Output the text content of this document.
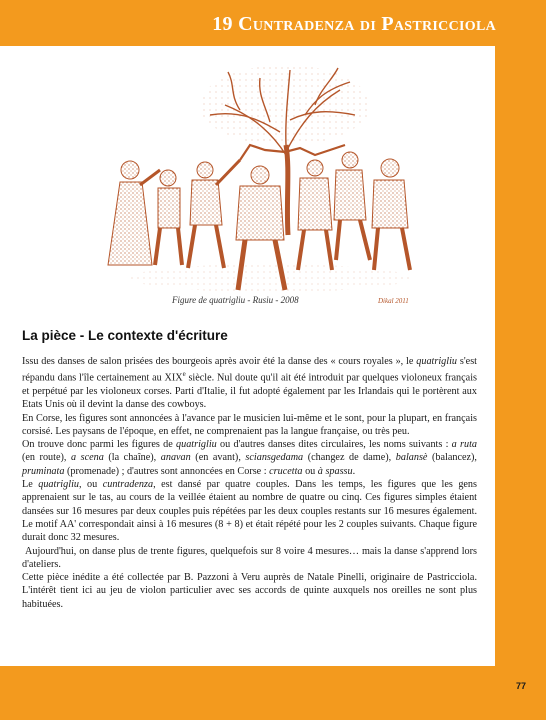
19 Cuntradenza di Pastricciola
Dikal 2011
Figure de quatrigliu - Rusiu - 2008
La pièce - Le contexte d'écriture

Issu des danses de salon prisées des bourgeois après avoir été la danse des « cours royales », le quatrigliu s'est répandu dans l'île certainement au XIXe siècle. Nul doute qu'il ait été introduit par quelques violoneux français et perpétué par les violoneux corses. Parti d'Italie, il fut adopté également par les Irlandais qui le portèrent aux Etats Unis où il devint la danse des cowboys.

En Corse, les figures sont annoncées à l'avance par le musicien lui-même et le sont, pour la plupart, en français corsisé. Les paysans de l'époque, en effet, ne comprenaient pas la langue française, ou très peu.

On trouve donc parmi les figures de quatrigliu ou d'autres danses dites circulaires, les noms suivants : a ruta (en route), a scena (la chaîne), anavan (en avant), sciansgedama (changez de dame), balansè (balancez), pruminata (promenade) ; d'autres sont annoncées en Corse : crucetta ou à spassu.

Le quatrigliu, ou cuntradenza, est dansé par quatre couples. Dans les temps, les figures que les gens apprenaient sur le tas, au cours de la veillée étaient au nombre de quatre ou cinq. Ces figures simples étaient dansées sur 16 mesures par deux couples puis répétées par les deux couples restants sur 16 mesures également. Le motif AA' correspondait ainsi à 16 mesures (8 + 8) et était répété pour les 2 couples suivants. Chaque figure durait donc 32 mesures.

Aujourd'hui, on danse plus de trente figures, quelquefois sur 8 voire 4 mesures… mais la danse s'apprend lors d'ateliers.

Cette pièce inédite a été collectée par B. Pazzoni à Veru auprès de Natale Pinelli, originaire de Pastricciola. L'intérêt tient ici au jeu de violon particulier avec ses accords de quinte auxquels nos oreilles ne sont plus habituées.

77
